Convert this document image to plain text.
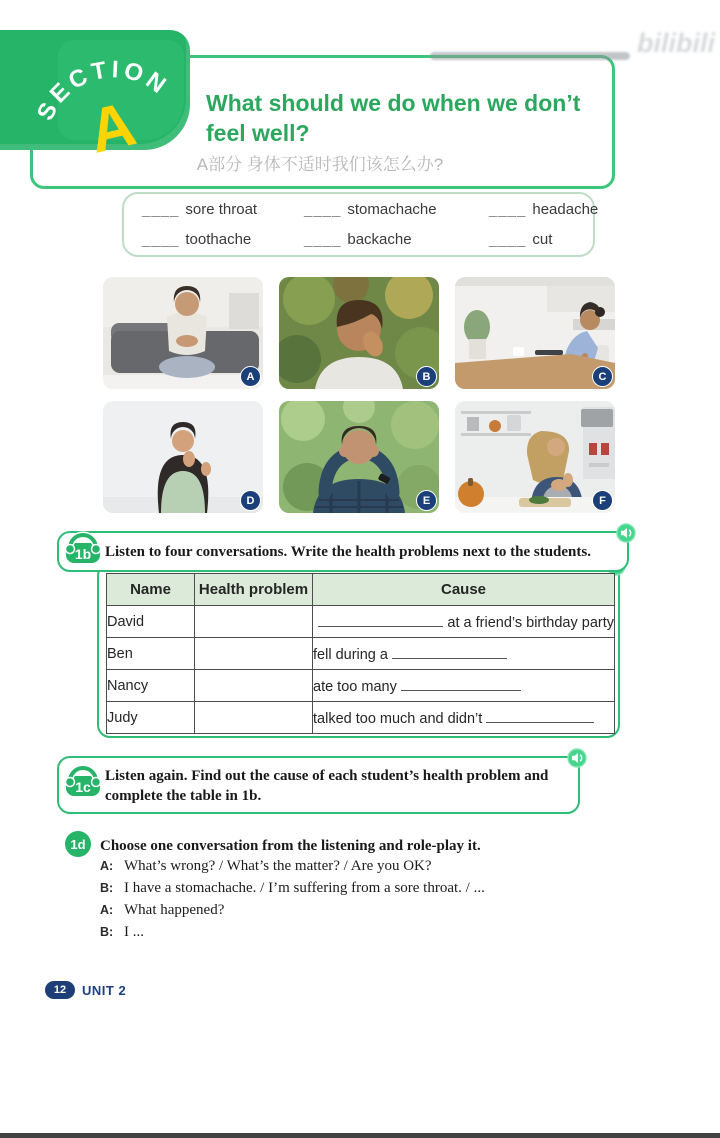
SECTION
A	What should we do when we don’t feel well?
A部分 身体不适时我们该怎么办?
bilibili
____ sore throat	____ stomachache	____ headache
____ toothache	____ backache	____ cut
A	B	C
D	E	F
1b Listen to four conversations. Write the health problems next to the students.
Name	Health problem	Cause
David		at a friend’s birthday party
Ben		fell during a
Nancy		ate too many
Judy		talked too much and didn’t
1c
Listen again. Find out the cause of each student’s health problem and complete the table in 1b.
1d Choose one conversation from the listening and role-play it.
A: What’s wrong? / What’s the matter? / Are you OK?
B: I have a stomachache. / I’m suffering from a sore throat. / ...
A: What happened?
B: I ...
12	UNIT 2
